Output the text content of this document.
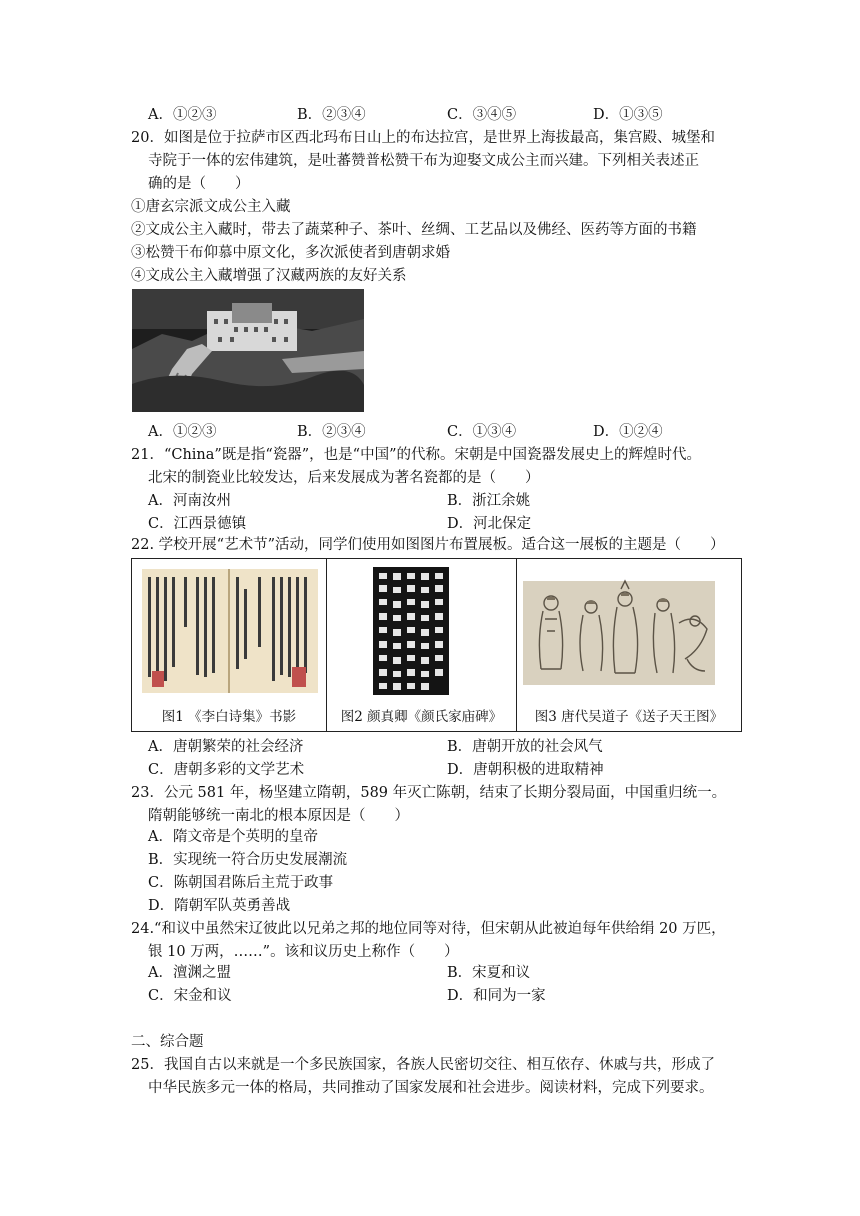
A．①②③	B．②③④	C．③④⑤	D．①③⑤
20．如图是位于拉萨市区西北玛布日山上的布达拉宫，是世界上海拔最高，集宫殿、城堡和
寺院于一体的宏伟建筑，是吐蕃赞普松赞干布为迎娶文成公主而兴建。下列相关表述正
确的是（　　）
①唐玄宗派文成公主入藏
②文成公主入藏时，带去了蔬菜种子、茶叶、丝绸、工艺品以及佛经、医药等方面的书籍
③松赞干布仰慕中原文化，多次派使者到唐朝求婚
④文成公主入藏增强了汉藏两族的友好关系
A．①②③	B．②③④	C．①③④	D．①②④
21．“China”既是指“瓷器”，也是“中国”的代称。宋朝是中国瓷器发展史上的辉煌时代。
北宋的制瓷业比较发达，后来发展成为著名瓷都的是（　　）
A．河南汝州	B．浙江余姚
C．江西景德镇	D．河北保定
22. 学校开展“艺术节”活动，同学们使用如图图片布置展板。适合这一展板的主题是（　　）
图1 《李白诗集》书影	图2 颜真卿《颜氏家庙碑》	图3 唐代吴道子《送子天王图》
A．唐朝繁荣的社会经济	B．唐朝开放的社会风气
C．唐朝多彩的文学艺术	D．唐朝积极的进取精神
23．公元 581 年，杨坚建立隋朝，589 年灭亡陈朝，结束了长期分裂局面，中国重归统一。
隋朝能够统一南北的根本原因是（　　）
A．隋文帝是个英明的皇帝
B．实现统一符合历史发展潮流
C．陈朝国君陈后主荒于政事
D．隋朝军队英勇善战
24.“和议中虽然宋辽彼此以兄弟之邦的地位同等对待，但宋朝从此被迫每年供给绢 20 万匹，
银 10 万两，……”。该和议历史上称作（　　）
A．澶渊之盟	B．宋夏和议
C．宋金和议	D．和同为一家
二、综合题
25．我国自古以来就是一个多民族国家，各族人民密切交往、相互依存、休戚与共，形成了
中华民族多元一体的格局，共同推动了国家发展和社会进步。阅读材料，完成下列要求。
